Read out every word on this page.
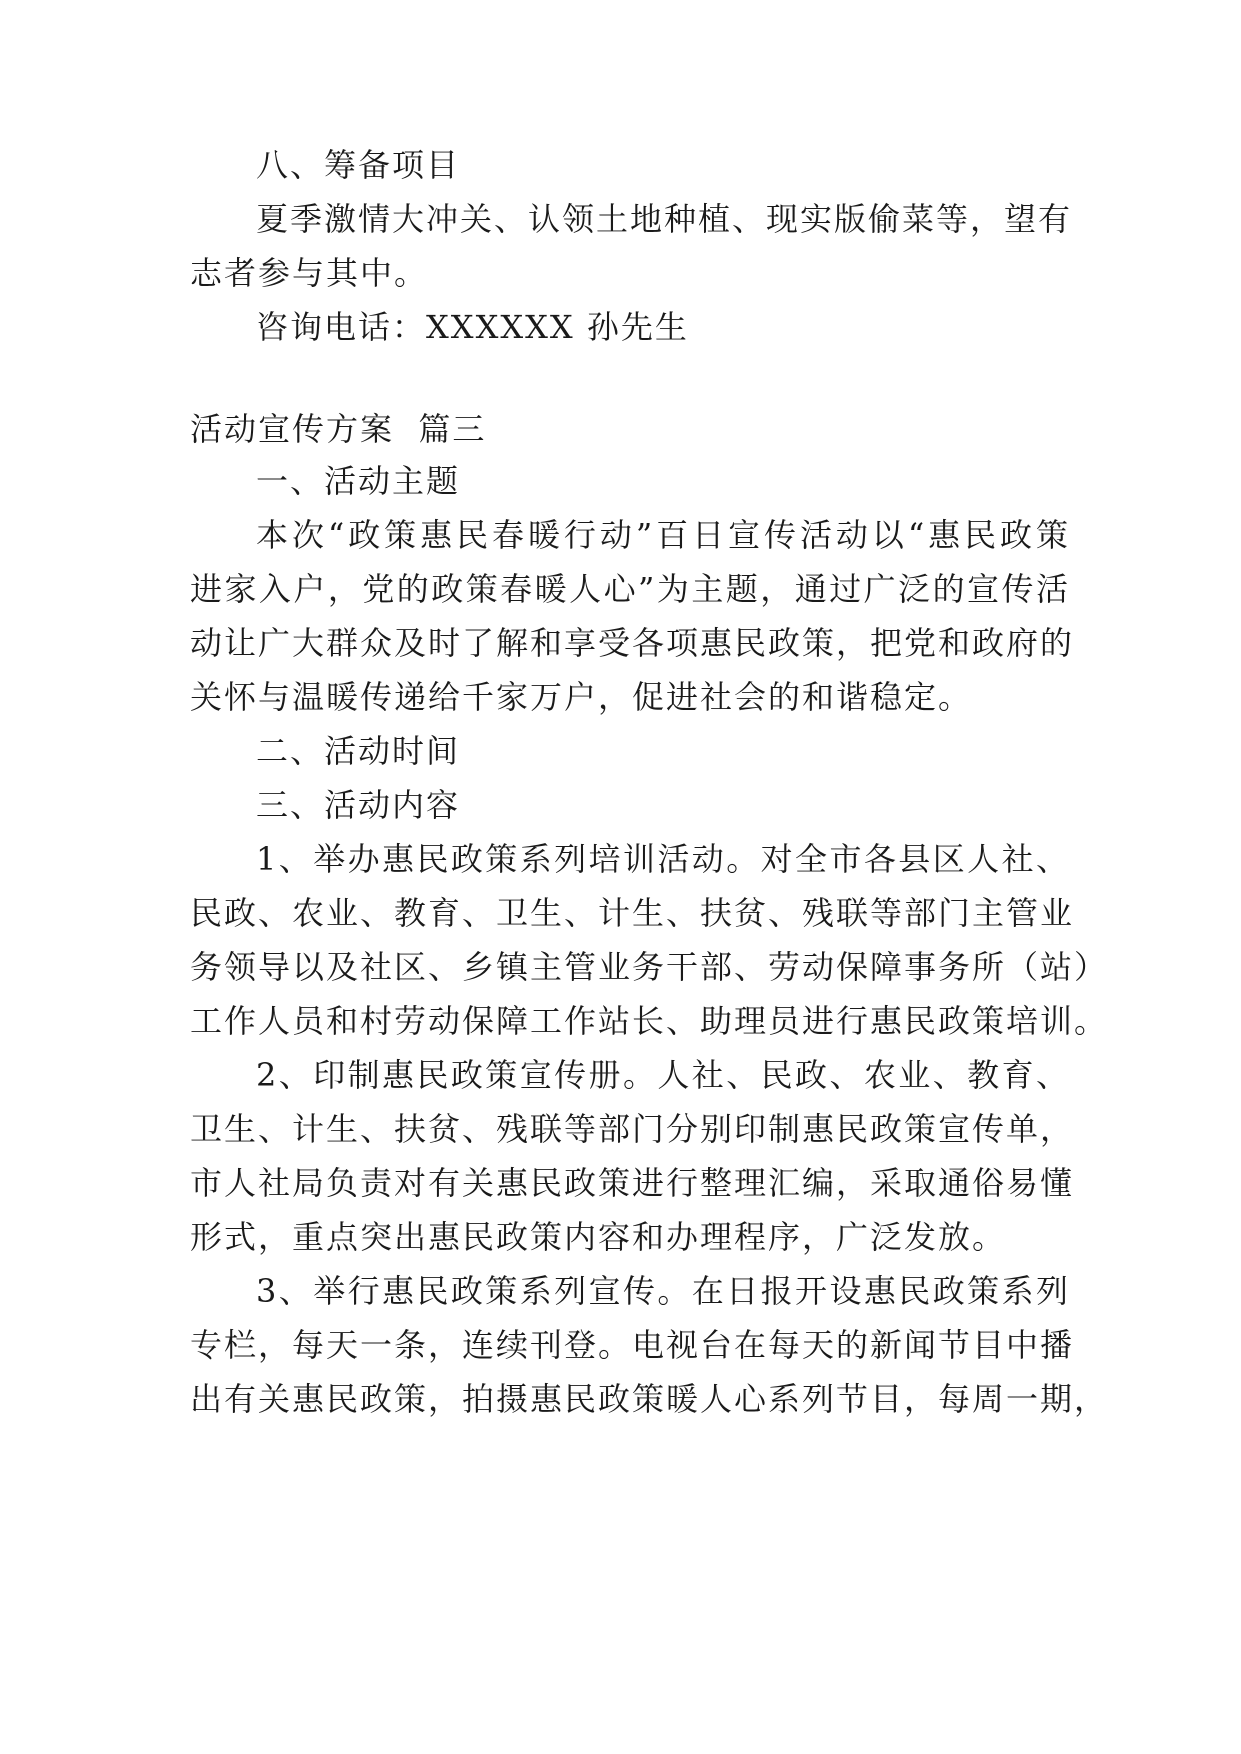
八、筹备项目
夏季激情大冲关、认领土地种植、现实版偷菜等，望有
志者参与其中。
咨询电话：XXXXXX 孙先生
活动宣传方案  篇三
一、活动主题
本次“政策惠民春暖行动”百日宣传活动以“惠民政策
进家入户，党的政策春暖人心”为主题，通过广泛的宣传活
动让广大群众及时了解和享受各项惠民政策，把党和政府的
关怀与温暖传递给千家万户，促进社会的和谐稳定。
二、活动时间
三、活动内容
1、举办惠民政策系列培训活动。对全市各县区人社、
民政、农业、教育、卫生、计生、扶贫、残联等部门主管业
务领导以及社区、乡镇主管业务干部、劳动保障事务所（站）
工作人员和村劳动保障工作站长、助理员进行惠民政策培训。
2、印制惠民政策宣传册。人社、民政、农业、教育、
卫生、计生、扶贫、残联等部门分别印制惠民政策宣传单，
市人社局负责对有关惠民政策进行整理汇编，采取通俗易懂
形式，重点突出惠民政策内容和办理程序，广泛发放。
3、举行惠民政策系列宣传。在日报开设惠民政策系列
专栏，每天一条，连续刊登。电视台在每天的新闻节目中播
出有关惠民政策，拍摄惠民政策暖人心系列节目，每周一期，
